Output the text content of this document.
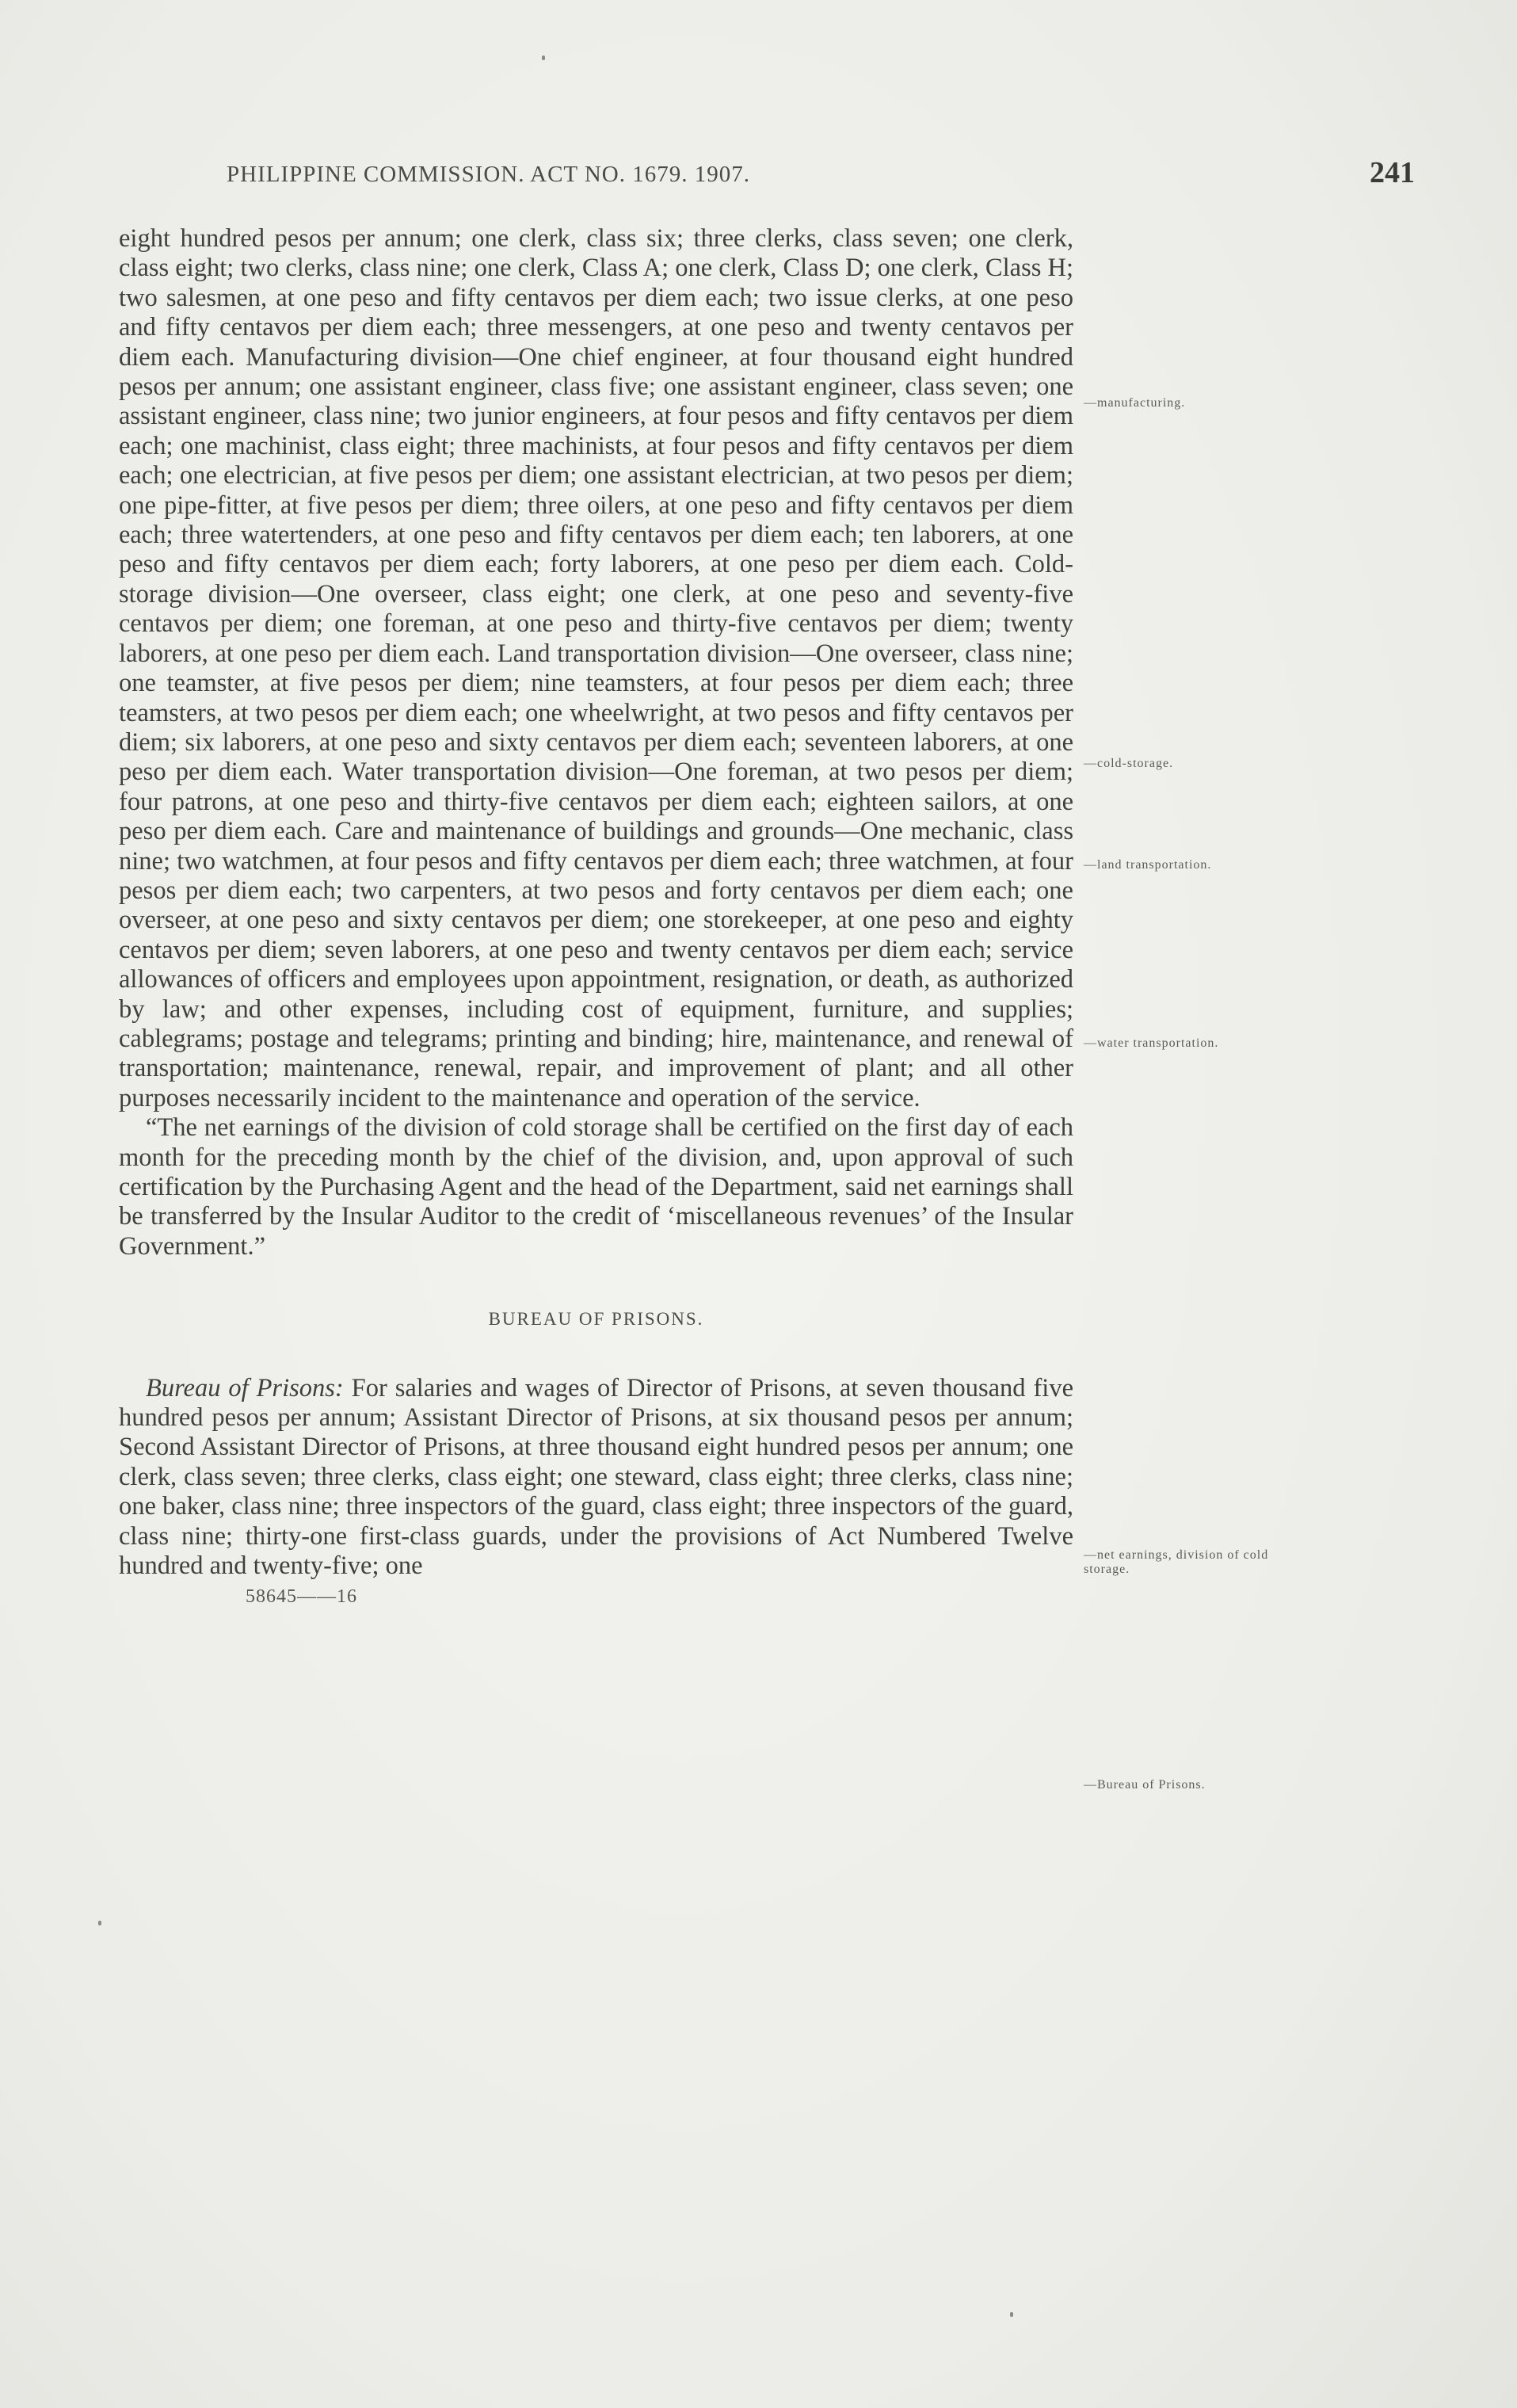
PHILIPPINE COMMISSION. ACT NO. 1679. 1907.	241

eight hundred pesos per annum; one clerk, class six; three clerks, class seven; one clerk, class eight; two clerks, class nine; one clerk, Class A; one clerk, Class D; one clerk, Class H; two salesmen, at one peso and fifty centavos per diem each; two issue clerks, at one peso and fifty centavos per diem each; three messengers, at one peso and twenty centavos per diem each. Manufacturing division—One chief engineer, at four thousand eight hundred pesos per annum; one assistant engineer, class five; one assistant engineer, class seven; one assistant engineer, class nine; two junior engineers, at four pesos and fifty centavos per diem each; one machinist, class eight; three machinists, at four pesos and fifty centavos per diem each; one electrician, at five pesos per diem; one assistant electrician, at two pesos per diem; one pipe-fitter, at five pesos per diem; three oilers, at one peso and fifty centavos per diem each; three watertenders, at one peso and fifty centavos per diem each; ten laborers, at one peso and fifty centavos per diem each; forty laborers, at one peso per diem each. Cold-storage division—One overseer, class eight; one clerk, at one peso and seventy-five centavos per diem; one foreman, at one peso and thirty-five centavos per diem; twenty laborers, at one peso per diem each. Land transportation division—One overseer, class nine; one teamster, at five pesos per diem; nine teamsters, at four pesos per diem each; three teamsters, at two pesos per diem each; one wheelwright, at two pesos and fifty centavos per diem; six laborers, at one peso and sixty centavos per diem each; seventeen laborers, at one peso per diem each. Water transportation division—One foreman, at two pesos per diem; four patrons, at one peso and thirty-five centavos per diem each; eighteen sailors, at one peso per diem each. Care and maintenance of buildings and grounds—One mechanic, class nine; two watchmen, at four pesos and fifty centavos per diem each; three watchmen, at four pesos per diem each; two carpenters, at two pesos and forty centavos per diem each; one overseer, at one peso and sixty centavos per diem; one storekeeper, at one peso and eighty centavos per diem; seven laborers, at one peso and twenty centavos per diem each; service allowances of officers and employees upon appointment, resignation, or death, as authorized by law; and other expenses, including cost of equipment, furniture, and supplies; cablegrams; postage and telegrams; printing and binding; hire, maintenance, and renewal of transportation; maintenance, renewal, repair, and improvement of plant; and all other purposes necessarily incident to the maintenance and operation of the service.

“The net earnings of the division of cold storage shall be certified on the first day of each month for the preceding month by the chief of the division, and, upon approval of such certification by the Purchasing Agent and the head of the Department, said net earnings shall be transferred by the Insular Auditor to the credit of ‘miscellaneous revenues’ of the Insular Government.”

BUREAU OF PRISONS.

Bureau of Prisons: For salaries and wages of Director of Prisons, at seven thousand five hundred pesos per annum; Assistant Director of Prisons, at six thousand pesos per annum; Second Assistant Director of Prisons, at three thousand eight hundred pesos per annum; one clerk, class seven; three clerks, class eight; one steward, class eight; three clerks, class nine; one baker, class nine; three inspectors of the guard, class eight; three inspectors of the guard, class nine; thirty-one first-class guards, under the provisions of Act Numbered Twelve hundred and twenty-five; one

58645——16
—manufacturing.
—cold-storage.
—land transportation.
—water transportation.
—net earnings, division of cold storage.
—Bureau of Prisons.
